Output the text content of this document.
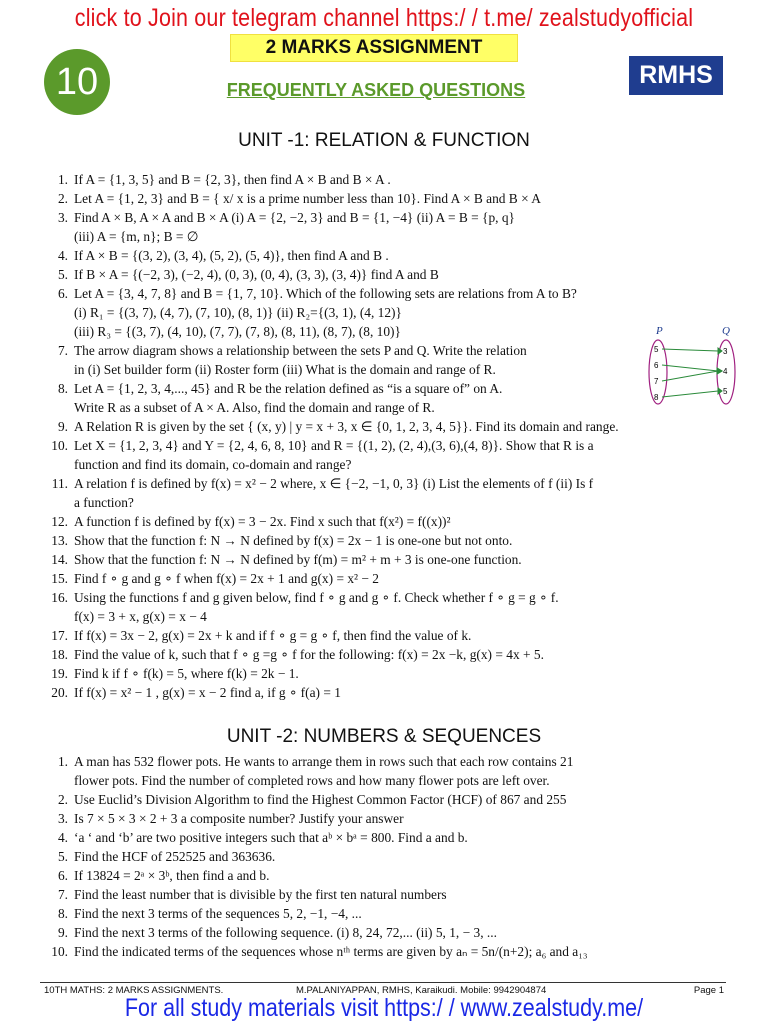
click to Join our telegram channel https:/ / t.me/ zealstudyofficial
2 MARKS ASSIGNMENT
10	FREQUENTLY ASKED QUESTIONS
RMHS
UNIT -1: RELATION & FUNCTION
1. If A = {1, 3, 5} and B = {2, 3}, then find A × B and B × A .
2. Let A = {1, 2, 3} and B = { x/ x is a prime number less than 10}. Find A × B and B × A
3. Find A × B, A × A and B × A (i) A = {2, −2, 3} and B = {1, −4} (ii) A = B = {p, q}
(iii) A = {m, n}; B = ∅
4. If A × B = {(3, 2), (3, 4), (5, 2), (5, 4)}, then find A and B .
5. If B × A = {(−2, 3), (−2, 4), (0, 3), (0, 4), (3, 3), (3, 4)} find A and B
6. Let A = {3, 4, 7, 8} and B = {1, 7, 10}. Which of the following sets are relations from A to B?
(i) R₁ = {(3, 7), (4, 7), (7, 10), (8, 1)} (ii) R₂={(3, 1), (4, 12)}
(iii) R₃ = {(3, 7), (4, 10), (7, 7), (7, 8), (8, 11), (8, 7), (8, 10)}
7. The arrow diagram shows a relationship between the sets P and Q. Write the relation
in (i) Set builder form (ii) Roster form (iii) What is the domain and range of R.
8. Let A = {1, 2, 3, 4,..., 45} and R be the relation defined as “is a square of” on A.
Write R as a subset of A × A. Also, find the domain and range of R.
9. A Relation R is given by the set { (x, y) | y = x + 3, x ∈ {0, 1, 2, 3, 4, 5}}. Find its domain and range.
10. Let X = {1, 2, 3, 4} and Y = {2, 4, 6, 8, 10} and R = {(1, 2), (2, 4),(3, 6),(4, 8)}. Show that R is a
function and find its domain, co-domain and range?
11. A relation f is defined by f(x) = x² − 2 where, x ∈ {−2, −1, 0, 3} (i) List the elements of f (ii) Is f
a function?
12. A function f is defined by f(x) = 3 − 2x. Find x such that f(x²) = f((x))²
13. Show that the function f: N → N defined by f(x) = 2x − 1 is one-one but not onto.
14. Show that the function f: N → N defined by f(m) = m² + m + 3 is one-one function.
15. Find f ∘ g and g ∘ f when f(x) = 2x + 1 and g(x) = x² − 2
16. Using the functions f and g given below, find f ∘ g and g ∘ f. Check whether f ∘ g = g ∘ f.
f(x) = 3 + x, g(x) = x − 4
17. If f(x) = 3x − 2, g(x) = 2x + k and if f ∘ g = g ∘ f, then find the value of k.
18. Find the value of k, such that f ∘ g =g ∘ f for the following: f(x) = 2x −k, g(x) = 4x + 5.
19. Find k if f ∘ f(k) = 5, where f(k) = 2k − 1.
20. If f(x) = x² − 1 , g(x) = x − 2 find a, if g ∘ f(a) = 1
P	Q
5
6
7
8
3
4
5
UNIT -2: NUMBERS & SEQUENCES
1. A man has 532 flower pots. He wants to arrange them in rows such that each row contains 21
flower pots. Find the number of completed rows and how many flower pots are left over.
2. Use Euclid’s Division Algorithm to find the Highest Common Factor (HCF) of 867 and 255
3. Is 7 × 5 × 3 × 2 + 3 a composite number? Justify your answer
4. ‘a ‘ and ‘b’ are two positive integers such that aᵇ × bᵃ = 800. Find a and b.
5. Find the HCF of 252525 and 363636.
6. If 13824 = 2ᵃ × 3ᵇ, then find a and b.
7. Find the least number that is divisible by the first ten natural numbers
8. Find the next 3 terms of the sequences 5, 2, −1, −4, ...
9. Find the next 3 terms of the following sequence. (i) 8, 24, 72,... (ii) 5, 1, − 3, ...
10. Find the indicated terms of the sequences whose nᵗʰ terms are given by aₙ = 5n/(n+2); a₆ and a₁₃
10TH MATHS: 2 MARKS ASSIGNMENTS.	M.PALANIYAPPAN, RMHS, Karaikudi. Mobile: 9942904874	Page 1
For all study materials visit https:/ / www.zealstudy.me/
